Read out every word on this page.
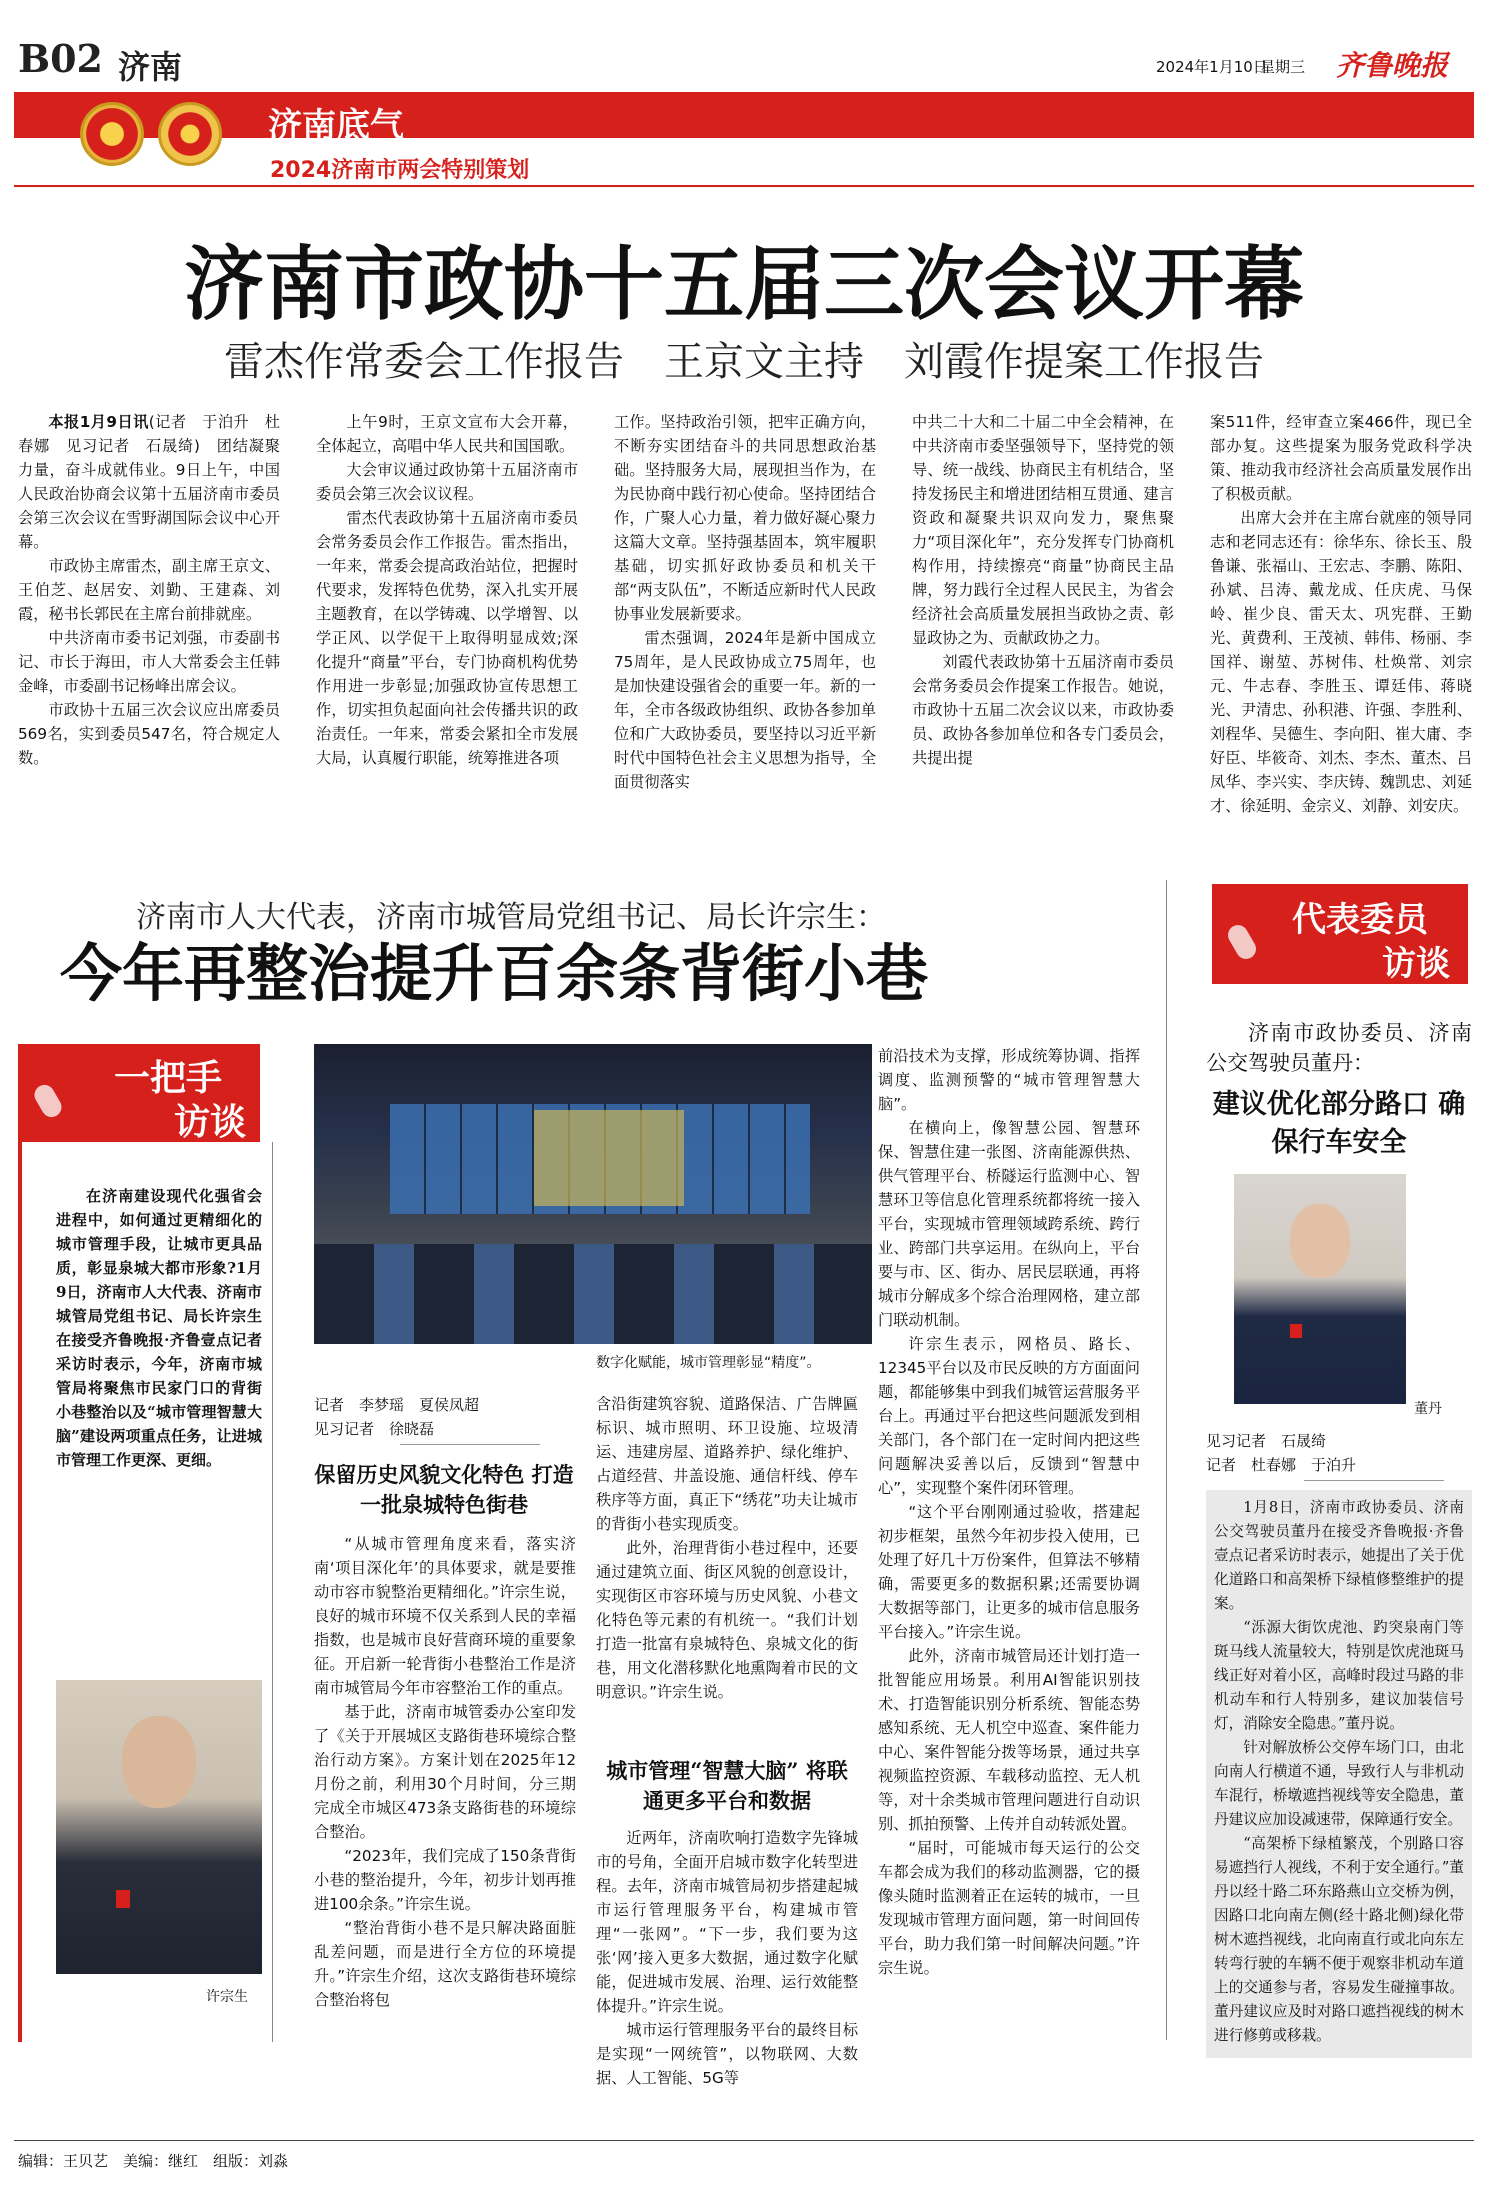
B02 济南	2024年1月10日
星期三 齐鲁晚报
济南底气
2024济南市两会特别策划
济南市政协十五届三次会议开幕
雷杰作常委会工作报告　王京文主持　刘霞作提案工作报告

本报1月9日讯(记者　于泊升　杜春娜　见习记者　石晟绮)　团结凝聚力量，奋斗成就伟业。9日上午，中国人民政治协商会议第十五届济南市委员会第三次会议在雪野湖国际会议中心开幕。

市政协主席雷杰，副主席王京文、王伯芝、赵居安、刘勤、王建森、刘霞，秘书长郭民在主席台前排就座。

中共济南市委书记刘强，市委副书记、市长于海田，市人大常委会主任韩金峰，市委副书记杨峰出席会议。

市政协十五届三次会议应出席委员569名，实到委员547名，符合规定人数。

上午9时，王京文宣布大会开幕，全体起立，高唱中华人民共和国国歌。

大会审议通过政协第十五届济南市委员会第三次会议议程。

雷杰代表政协第十五届济南市委员会常务委员会作工作报告。雷杰指出，一年来，常委会提高政治站位，把握时代要求，发挥特色优势，深入扎实开展主题教育，在以学铸魂、以学增智、以学正风、以学促干上取得明显成效;深化提升“商量”平台，专门协商机构优势作用进一步彰显;加强政协宣传思想工作，切实担负起面向社会传播共识的政治责任。一年来，常委会紧扣全市发展大局，认真履行职能，统筹推进各项

工作。坚持政治引领，把牢正确方向，不断夯实团结奋斗的共同思想政治基础。坚持服务大局，展现担当作为，在为民协商中践行初心使命。坚持团结合作，广聚人心力量，着力做好凝心聚力这篇大文章。坚持强基固本，筑牢履职基础，切实抓好政协委员和机关干部“两支队伍”，不断适应新时代人民政协事业发展新要求。

雷杰强调，2024年是新中国成立75周年，是人民政协成立75周年，也是加快建设强省会的重要一年。新的一年，全市各级政协组织、政协各参加单位和广大政协委员，要坚持以习近平新时代中国特色社会主义思想为指导，全面贯彻落实

中共二十大和二十届二中全会精神，在中共济南市委坚强领导下，坚持党的领导、统一战线、协商民主有机结合，坚持发扬民主和增进团结相互贯通、建言资政和凝聚共识双向发力，聚焦聚力“项目深化年”，充分发挥专门协商机构作用，持续擦亮“商量”协商民主品牌，努力践行全过程人民民主，为省会经济社会高质量发展担当政协之责、彰显政协之为、贡献政协之力。

刘霞代表政协第十五届济南市委员会常务委员会作提案工作报告。她说，市政协十五届二次会议以来，市政协委员、政协各参加单位和各专门委员会，共提出提

案511件，经审查立案466件，现已全部办复。这些提案为服务党政科学决策、推动我市经济社会高质量发展作出了积极贡献。

出席大会并在主席台就座的领导同志和老同志还有：徐华东、徐长玉、殷鲁谦、张福山、王宏志、李鹏、陈阳、孙斌、吕涛、戴龙成、任庆虎、马保岭、崔少良、雷天太、巩宪群、王勤光、黄费利、王茂祯、韩伟、杨丽、李国祥、谢堃、苏树伟、杜焕常、刘宗元、牛志春、李胜玉、谭廷伟、蒋晓光、尹清忠、孙积港、许强、李胜利、刘程华、吴德生、李向阳、崔大庸、李好臣、毕筱奇、刘杰、李杰、董杰、吕凤华、李兴实、李庆铸、魏凯忠、刘延才、徐延明、金宗义、刘静、刘安庆。

济南市人大代表，济南市城管局党组书记、局长许宗生：
今年再整治提升百余条背街小巷
一把手
访谈

在济南建设现代化强省会进程中，如何通过更精细化的城市管理手段，让城市更具品质，彰显泉城大都市形象?1月9日，济南市人大代表、济南市城管局党组书记、局长许宗生在接受齐鲁晚报·齐鲁壹点记者采访时表示，今年，济南市城管局将聚焦市民家门口的背街小巷整治以及“城市管理智慧大脑”建设两项重点任务，让进城市管理工作更深、更细。

许宗生
数字化赋能，城市管理彰显“精度”。
记者　李梦瑶　夏侯凤超
见习记者　徐晓磊
保留历史风貌文化特色 打造一批泉城特色街巷

“从城市管理角度来看，落实济南‘项目深化年’的具体要求，就是要推动市容市貌整治更精细化。”许宗生说，良好的城市环境不仅关系到人民的幸福指数，也是城市良好营商环境的重要象征。开启新一轮背街小巷整治工作是济南市城管局今年市容整治工作的重点。

基于此，济南市城管委办公室印发了《关于开展城区支路街巷环境综合整治行动方案》。方案计划在2025年12月份之前，利用30个月时间，分三期完成全市城区473条支路街巷的环境综合整治。

“2023年，我们完成了150条背街小巷的整治提升，今年，初步计划再推进100余条。”许宗生说。

“整治背街小巷不是只解决路面脏乱差问题，而是进行全方位的环境提升。”许宗生介绍，这次支路街巷环境综合整治将包

含沿街建筑容貌、道路保洁、广告牌匾标识、城市照明、环卫设施、垃圾清运、违建房屋、道路养护、绿化维护、占道经营、井盖设施、通信杆线、停车秩序等方面，真正下“绣花”功夫让城市的背街小巷实现质变。

此外，治理背街小巷过程中，还要通过建筑立面、街区风貌的创意设计，实现街区市容环境与历史风貌、小巷文化特色等元素的有机统一。“我们计划打造一批富有泉城特色、泉城文化的街巷，用文化潜移默化地熏陶着市民的文明意识。”许宗生说。

城市管理“智慧大脑” 将联通更多平台和数据

近两年，济南吹响打造数字先锋城市的号角，全面开启城市数字化转型进程。去年，济南市城管局初步搭建起城市运行管理服务平台，构建城市管理“一张网”。“下一步，我们要为这张‘网’接入更多大数据，通过数字化赋能，促进城市发展、治理、运行效能整体提升。”许宗生说。

城市运行管理服务平台的最终目标是实现“一网统管”，以物联网、大数据、人工智能、5G等

前沿技术为支撑，形成统筹协调、指挥调度、监测预警的“城市管理智慧大脑”。

在横向上，像智慧公园、智慧环保、智慧住建一张图、济南能源供热、供气管理平台、桥隧运行监测中心、智慧环卫等信息化管理系统都将统一接入平台，实现城市管理领域跨系统、跨行业、跨部门共享运用。在纵向上，平台要与市、区、街办、居民层联通，再将城市分解成多个综合治理网格，建立部门联动机制。

许宗生表示，网格员、路长、12345平台以及市民反映的方方面面问题，都能够集中到我们城管运营服务平台上。再通过平台把这些问题派发到相关部门，各个部门在一定时间内把这些问题解决妥善以后，反馈到“智慧中心”，实现整个案件闭环管理。

“这个平台刚刚通过验收，搭建起初步框架，虽然今年初步投入使用，已处理了好几十万份案件，但算法不够精确，需要更多的数据积累;还需要协调大数据等部门，让更多的城市信息服务平台接入。”许宗生说。

此外，济南市城管局还计划打造一批智能应用场景。利用AI智能识别技术、打造智能识别分析系统、智能态势感知系统、无人机空中巡查、案件能力中心、案件智能分拨等场景，通过共享视频监控资源、车载移动监控、无人机等，对十余类城市管理问题进行自动识别、抓拍预警、上传并自动转派处置。

“届时，可能城市每天运行的公交车都会成为我们的移动监测器，它的摄像头随时监测着正在运转的城市，一旦发现城市管理方面问题，第一时间回传平台，助力我们第一时间解决问题。”许宗生说。

代表委员
访谈

济南市政协委员、济南公交驾驶员董丹：

建议优化部分路口 确保行车安全
董丹
见习记者　石晟绮
记者　杜春娜　于泊升

1月8日，济南市政协委员、济南公交驾驶员董丹在接受齐鲁晚报·齐鲁壹点记者采访时表示，她提出了关于优化道路口和高架桥下绿植修整维护的提案。

“泺源大街饮虎池、趵突泉南门等斑马线人流量较大，特别是饮虎池斑马线正好对着小区，高峰时段过马路的非机动车和行人特别多，建议加装信号灯，消除安全隐患。”董丹说。

针对解放桥公交停车场门口，由北向南人行横道不通，导致行人与非机动车混行，桥墩遮挡视线等安全隐患，董丹建议应加设减速带，保障通行安全。

“高架桥下绿植繁茂，个别路口容易遮挡行人视线，不利于安全通行。”董丹以经十路二环东路燕山立交桥为例，因路口北向南左侧(经十路北侧)绿化带树木遮挡视线，北向南直行或北向东左转弯行驶的车辆不便于观察非机动车道上的交通参与者，容易发生碰撞事故。董丹建议应及时对路口遮挡视线的树木进行修剪或移栽。

编辑：王贝艺　美编：继红　组版：刘淼
